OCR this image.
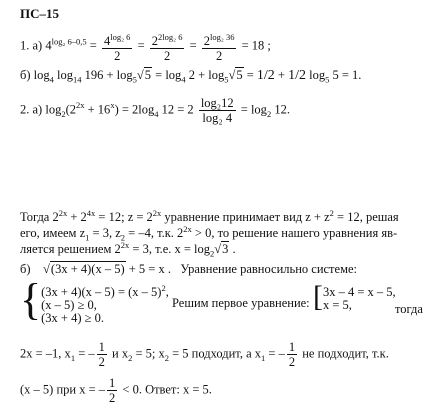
ПС–15
1. а) $4^{log_2 6-0,5} = \frac{4^{log_2 6}}{2} = \frac{2^{2log_2 6}}{2} = \frac{2^{log_2 36}}{2} = 18$ ;
б) $\log_4 \log_{14} 196 + \log_5√5 = \log_4 2 + \log_5√5 = 1/2 + 1/2$ $\log_5 5 = 1$.
2. а) $\log_2(2^{2x} + 16^x) = 2\log_4$ $12 = 2 \frac{\text{log₂12}}{\text{log₂ 4}} = \log_2 12$.
Тогда $2^{2x} + 2^{4x} = 12$; $z = 2^{2x}$ уравнение принимает вид $z + z^2 = 12$, решая
его, имеем $z_1 = 3$, $z_2 = -4$, т.к. $2^{2x} > 0$, то решение нашего уравнения яв-
ляется решением $2^{2x} = 3$, т.е. $x = \log_2√3$ .
б)    √(3x + 4)(x – 5) + 5 = x . Уравнение равносильно системе:
{ (3x + 4)(x – 5) = (x – 5)$^2$,
(x – 5) ≥ 0,
(3x + 4) ≥ 0.
Решим первое уравнение: [ 3x – 4 = x – 5,
x = 5,	тогда
2x = –1, $x_1$ = – $\frac{1}{2}$ и $x_2 = 5$; $x_2 = 5$ подходит, а $x_1$ = – $\frac{1}{2}$ не подходит, т.к.
(x – 5) при x = – $\frac{1}{2} < 0$. Ответ: x = 5.
